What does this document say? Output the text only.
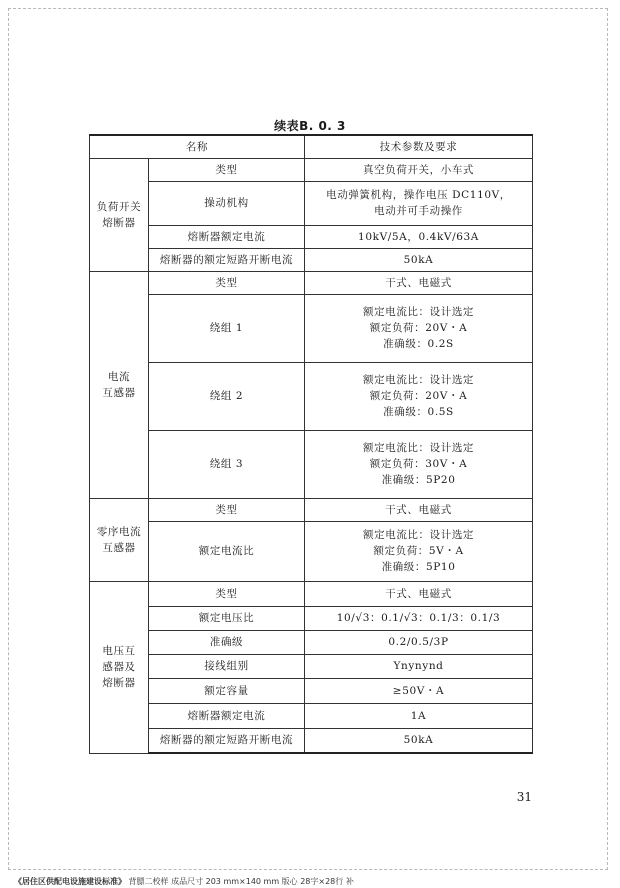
续表B. 0. 3
名称		技术参数及要求

负荷开关
熔断器	类型	真空负荷开关，小车式
	操动机构	电动弹簧机构，操作电压 DC110V，
电动并可手动操作

	熔断器额定电流	10kV/5A，0.4kV/63A
	熔断器的额定短路开断电流	50kA

电流
互感器	类型	干式、电磁式
	绕组 1	额定电流比：设计选定
额定负荷：20V・A
准确级：0.2S

	绕组 2	额定电流比：设计选定
额定负荷：20V・A
准确级：0.5S

	绕组 3	额定电流比：设计选定
额定负荷：30V・A
准确级：5P20

零序电流
互感器	类型	干式、电磁式
	额定电流比	额定电流比：设计选定
额定负荷：5V・A
准确级：5P10

电压互
感器及
熔断器	类型	干式、电磁式
	额定电压比	10/√3：0.1/√3：0.1/3：0.1/3
	准确级	0.2/0.5/3P
	接线组别	Ynynynd
	额定容量	≥50V・A
	熔断器额定电流	1A
	熔断器的额定短路开断电流	50kA
31
《居住区供配电设施建设标准》 背膘二校样 成品尺寸 203 mm×140 mm 版心 28字×28行 补
